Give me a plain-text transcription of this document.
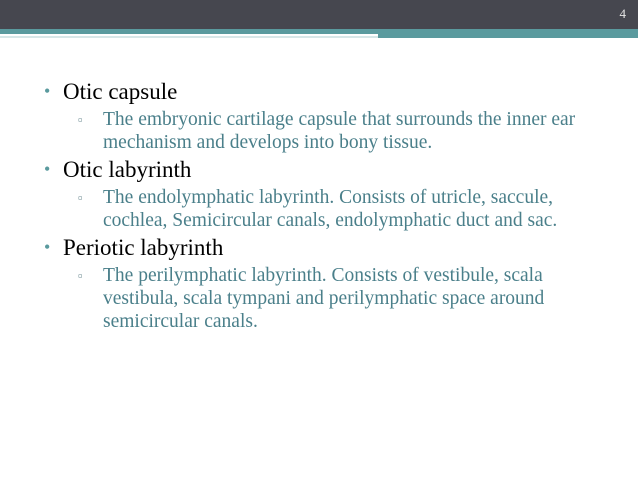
4
• Otic capsule
▫ The embryonic cartilage capsule that surrounds the inner ear mechanism and develops into bony tissue.
• Otic labyrinth
▫ The endolymphatic labyrinth. Consists of utricle, saccule, cochlea, Semicircular canals, endolymphatic duct and sac.
• Periotic labyrinth
▫ The perilymphatic labyrinth. Consists of vestibule, scala vestibula, scala tympani and perilymphatic space around semicircular canals.
